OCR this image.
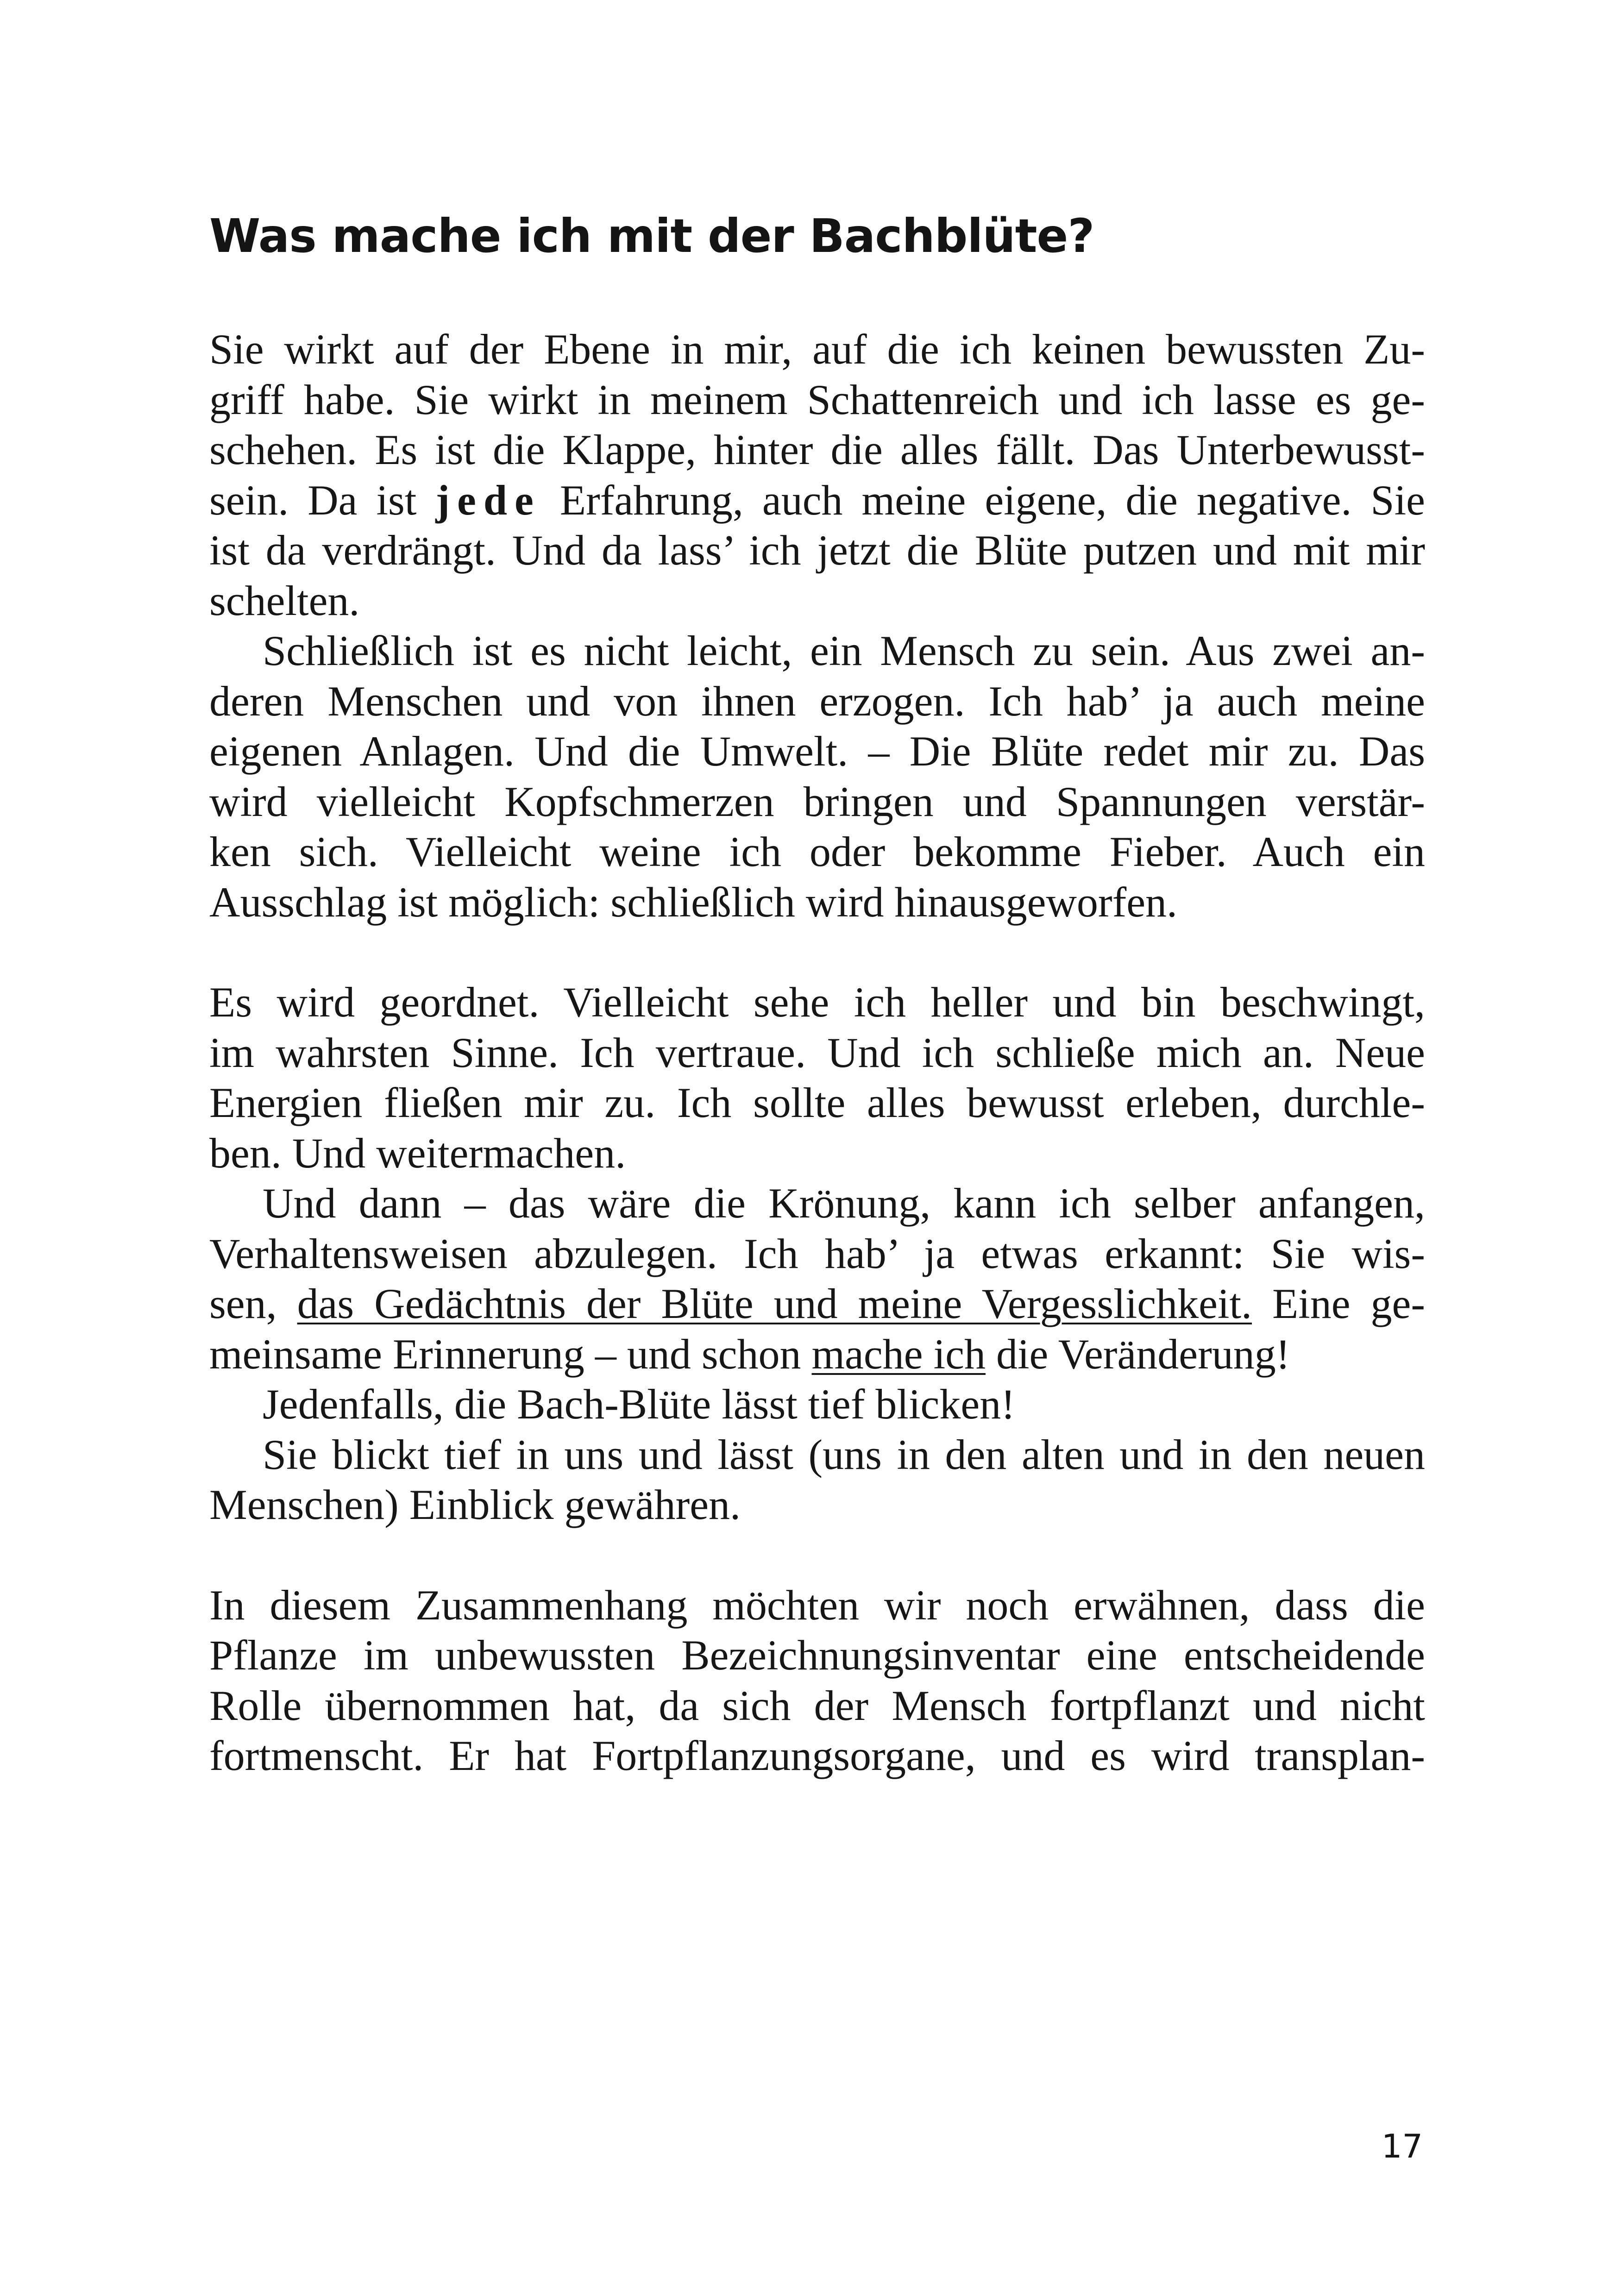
Was mache ich mit der Bachblüte?

Sie wirkt auf der Ebene in mir, auf die ich keinen bewussten Zu-
griff habe. Sie wirkt in meinem Schattenreich und ich lasse es ge-
schehen. Es ist die Klappe, hinter die alles fällt. Das Unterbewusst-
sein. Da ist jede Erfahrung, auch meine eigene, die negative. Sie
ist da verdrängt. Und da lass’ ich jetzt die Blüte putzen und mit mir
schelten.

Schließlich ist es nicht leicht, ein Mensch zu sein. Aus zwei an-
deren Menschen und von ihnen erzogen. Ich hab’ ja auch meine
eigenen Anlagen. Und die Umwelt. – Die Blüte redet mir zu. Das
wird vielleicht Kopfschmerzen bringen und Spannungen verstär-
ken sich. Vielleicht weine ich oder bekomme Fieber. Auch ein
Ausschlag ist möglich: schließlich wird hinausgeworfen.

Es wird geordnet. Vielleicht sehe ich heller und bin beschwingt,
im wahrsten Sinne. Ich vertraue. Und ich schließe mich an. Neue
Energien fließen mir zu. Ich sollte alles bewusst erleben, durchle-
ben. Und weitermachen.

Und dann – das wäre die Krönung, kann ich selber anfangen,
Verhaltensweisen abzulegen. Ich hab’ ja etwas erkannt: Sie wis-
sen, das Gedächtnis der Blüte und meine Vergesslichkeit. Eine ge-
meinsame Erinnerung – und schon mache ich die Veränderung!

Jedenfalls, die Bach-Blüte lässt tief blicken!

Sie blickt tief in uns und lässt (uns in den alten und in den neuen
Menschen) Einblick gewähren.

In diesem Zusammenhang möchten wir noch erwähnen, dass die
Pflanze im unbewussten Bezeichnungsinventar eine entscheidende
Rolle übernommen hat, da sich der Mensch fortpflanzt und nicht
fortmenscht. Er hat Fortpflanzungsorgane, und es wird transplan-

17
